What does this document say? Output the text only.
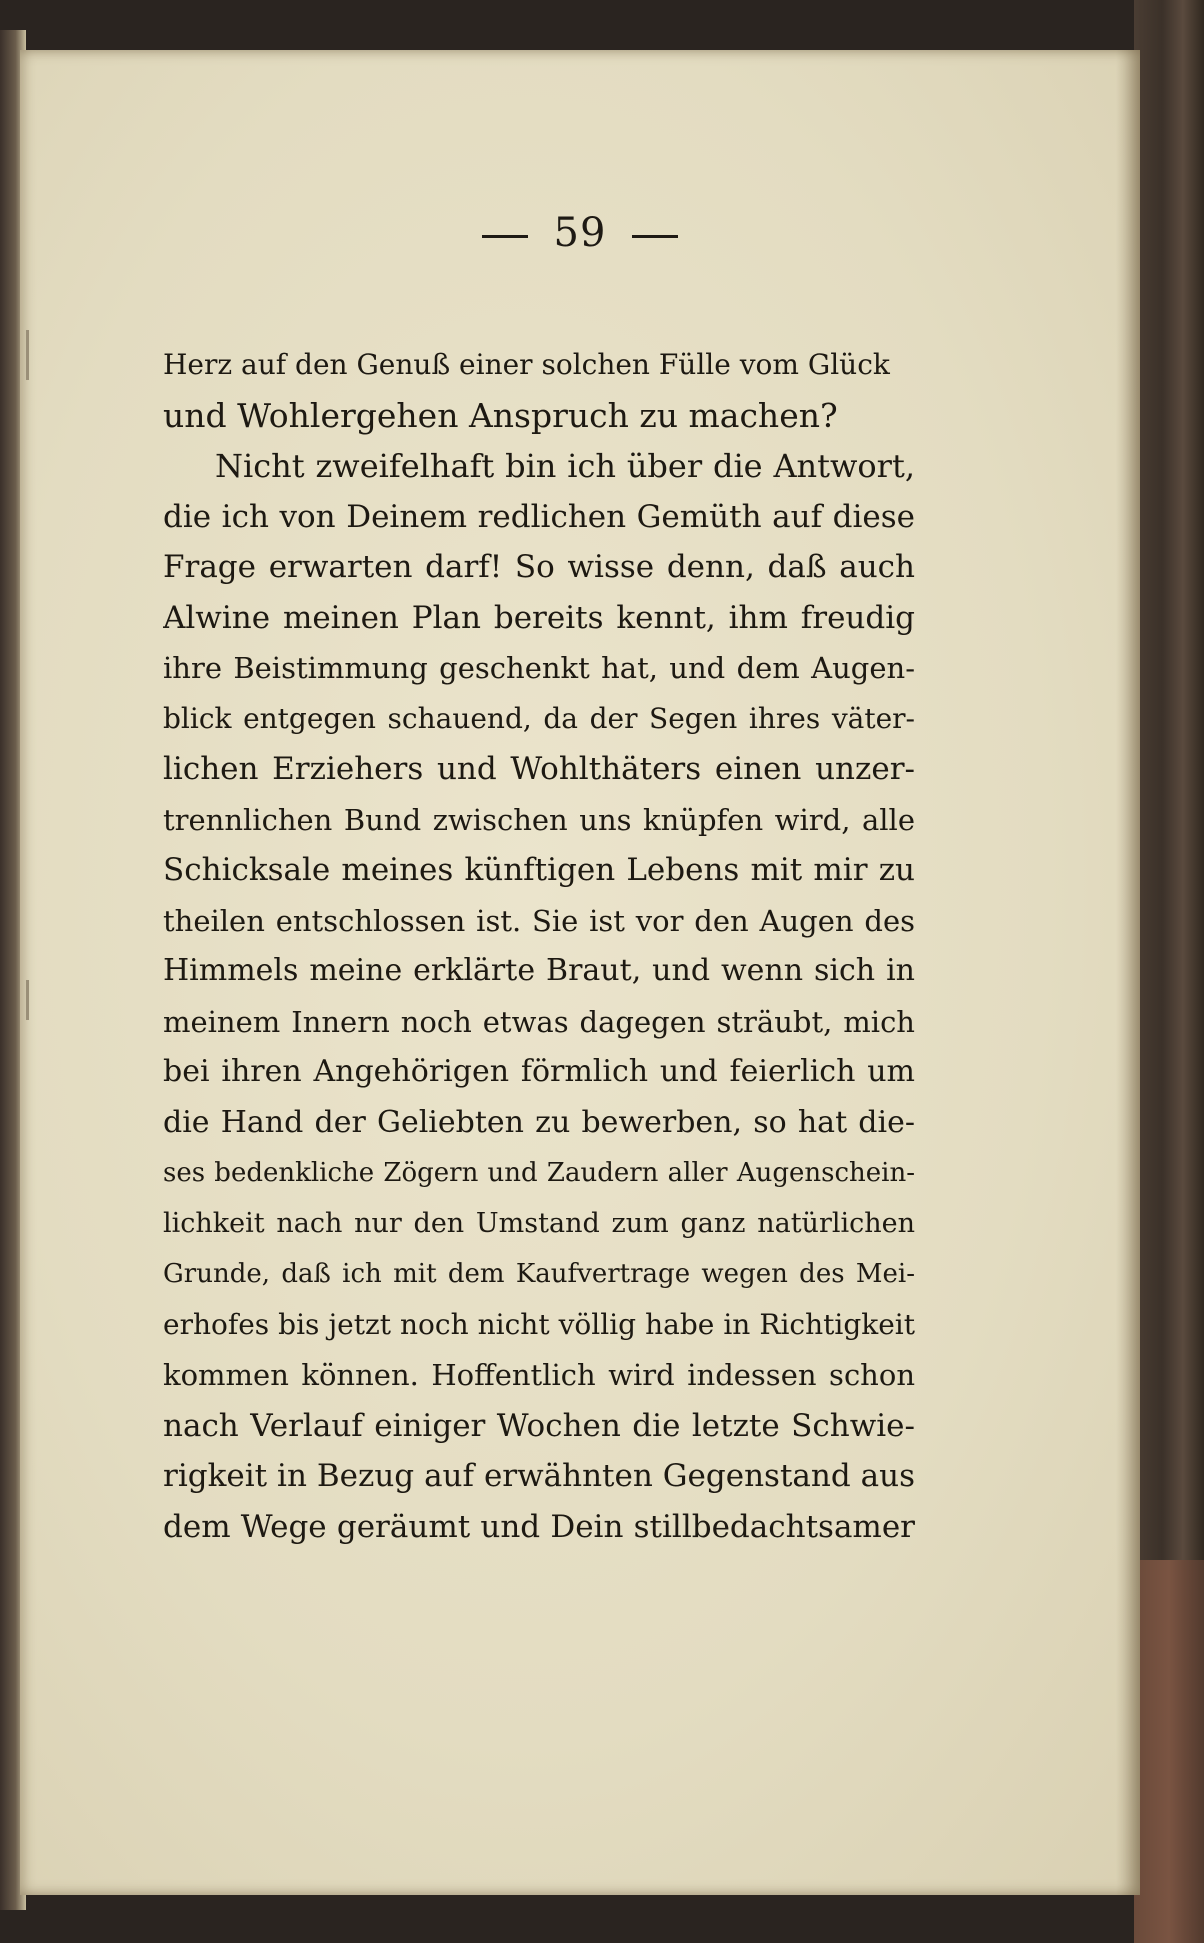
59
Herz auf den Genuß einer solchen Fülle vom Glück
und Wohlergehen Anspruch zu machen?
Nicht zweifelhaft bin ich über die Antwort,
die ich von Deinem redlichen Gemüth auf diese
Frage erwarten darf! So wisse denn, daß auch
Alwine meinen Plan bereits kennt, ihm freudig
ihre Beistimmung geschenkt hat, und dem Augen-
blick entgegen schauend, da der Segen ihres väter-
lichen Erziehers und Wohlthäters einen unzer-
trennlichen Bund zwischen uns knüpfen wird, alle
Schicksale meines künftigen Lebens mit mir zu
theilen entschlossen ist. Sie ist vor den Augen des
Himmels meine erklärte Braut, und wenn sich in
meinem Innern noch etwas dagegen sträubt, mich
bei ihren Angehörigen förmlich und feierlich um
die Hand der Geliebten zu bewerben, so hat die-
ses bedenkliche Zögern und Zaudern aller Augenschein-
lichkeit nach nur den Umstand zum ganz natürlichen
Grunde, daß ich mit dem Kaufvertrage wegen des Mei-
erhofes bis jetzt noch nicht völlig habe in Richtigkeit
kommen können. Hoffentlich wird indessen schon
nach Verlauf einiger Wochen die letzte Schwie-
rigkeit in Bezug auf erwähnten Gegenstand aus
dem Wege geräumt und Dein stillbedachtsamer
